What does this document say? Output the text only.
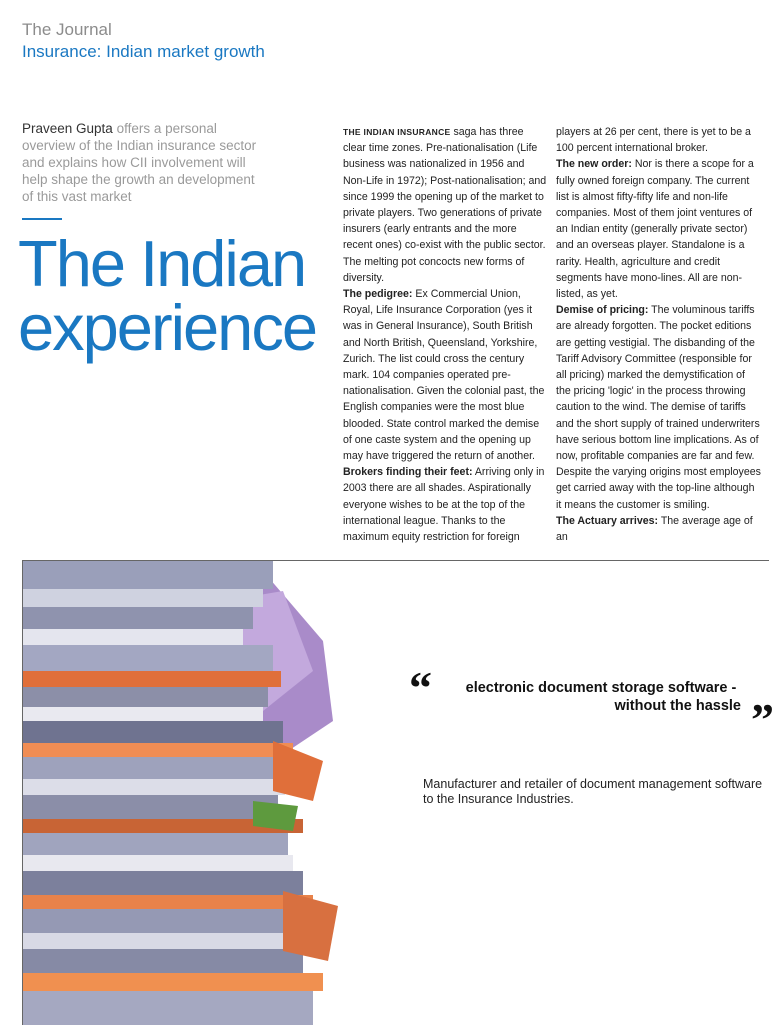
The Journal
Insurance: Indian market growth
Praveen Gupta offers a personal overview of the Indian insurance sector and explains how CII involvement will help shape the growth an development of this vast market
The Indian
experience

THE INDIAN INSURANCE saga has three clear time zones. Pre-nationalisation (Life business was nationalized in 1956 and Non-Life in 1972); Post-nationalisation; and since 1999 the opening up of the market to private players. Two generations of private insurers (early entrants and the more recent ones) co-exist with the public sector. The melting pot concocts new forms of diversity.

The pedigree: Ex Commercial Union, Royal, Life Insurance Corporation (yes it was in General Insurance), South British and North British, Queensland, Yorkshire, Zurich. The list could cross the century mark. 104 companies operated pre-nationalisation. Given the colonial past, the English companies were the most blue blooded. State control marked the demise of one caste system and the opening up may have triggered the return of another.

Brokers finding their feet: Arriving only in 2003 there are all shades. Aspirationally everyone wishes to be at the top of the international league. Thanks to the maximum equity restriction for foreign

players at 26 per cent, there is yet to be a 100 percent international broker.

The new order: Nor is there a scope for a fully owned foreign company. The current list is almost fifty-fifty life and non-life companies. Most of them joint ventures of an Indian entity (generally private sector) and an overseas player. Standalone is a rarity. Health, agriculture and credit segments have mono-lines. All are non-listed, as yet.

Demise of pricing: The voluminous tariffs are already forgotten. The pocket editions are getting vestigial. The disbanding of the Tariff Advisory Committee (responsible for all pricing) marked the demystification of the pricing 'logic' in the process throwing caution to the wind. The demise of tariffs and the short supply of trained underwriters have serious bottom line implications. As of now, profitable companies are far and few. Despite the varying origins most employees get carried away with the top-line although it means the customer is smiling.

The Actuary arrives: The average age of an

“	electronic document storage software -
without the hassle ”
Manufacturer and retailer of document management software
to the Insurance Industries.
